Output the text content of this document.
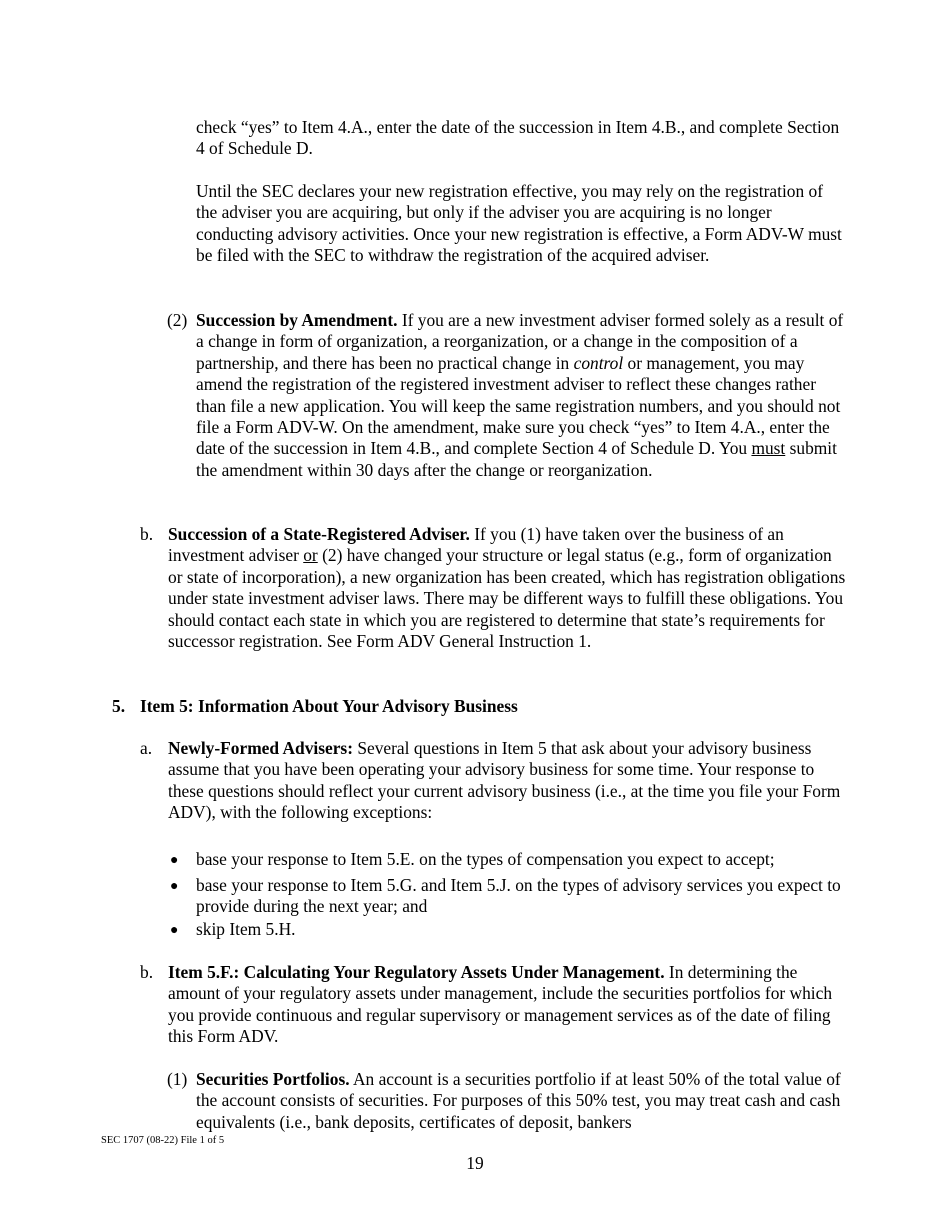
check “yes” to Item 4.A., enter the date of the succession in Item 4.B., and complete Section 4 of Schedule D.

Until the SEC declares your new registration effective, you may rely on the registration of the adviser you are acquiring, but only if the adviser you are acquiring is no longer conducting advisory activities. Once your new registration is effective, a Form ADV-W must be filed with the SEC to withdraw the registration of the acquired adviser.

(2) Succession by Amendment. If you are a new investment adviser formed solely as a result of a change in form of organization, a reorganization, or a change in the composition of a partnership, and there has been no practical change in control or management, you may amend the registration of the registered investment adviser to reflect these changes rather than file a new application. You will keep the same registration numbers, and you should not file a Form ADV-W. On the amendment, make sure you check “yes” to Item 4.A., enter the date of the succession in Item 4.B., and complete Section 4 of Schedule D. You must submit the amendment within 30 days after the change or reorganization.

b. Succession of a State-Registered Adviser. If you (1) have taken over the business of an investment adviser or (2) have changed your structure or legal status (e.g., form of organization or state of incorporation), a new organization has been created, which has registration obligations under state investment adviser laws. There may be different ways to fulfill these obligations. You should contact each state in which you are registered to determine that state’s requirements for successor registration. See Form ADV General Instruction 1.

5. Item 5: Information About Your Advisory Business
a. Newly-Formed Advisers: Several questions in Item 5 that ask about your advisory business assume that you have been operating your advisory business for some time. Your response to these questions should reflect your current advisory business (i.e., at the time you file your Form ADV), with the following exceptions:

● base your response to Item 5.E. on the types of compensation you expect to accept;

● base your response to Item 5.G. and Item 5.J. on the types of advisory services you expect to provide during the next year; and

● skip Item 5.H.

b. Item 5.F.: Calculating Your Regulatory Assets Under Management. In determining the amount of your regulatory assets under management, include the securities portfolios for which you provide continuous and regular supervisory or management services as of the date of filing this Form ADV.

(1) Securities Portfolios. An account is a securities portfolio if at least 50% of the total value of the account consists of securities. For purposes of this 50% test, you may treat cash and cash equivalents (i.e., bank deposits, certificates of deposit, bankers

SEC 1707 (08-22) File 1 of 5
19
